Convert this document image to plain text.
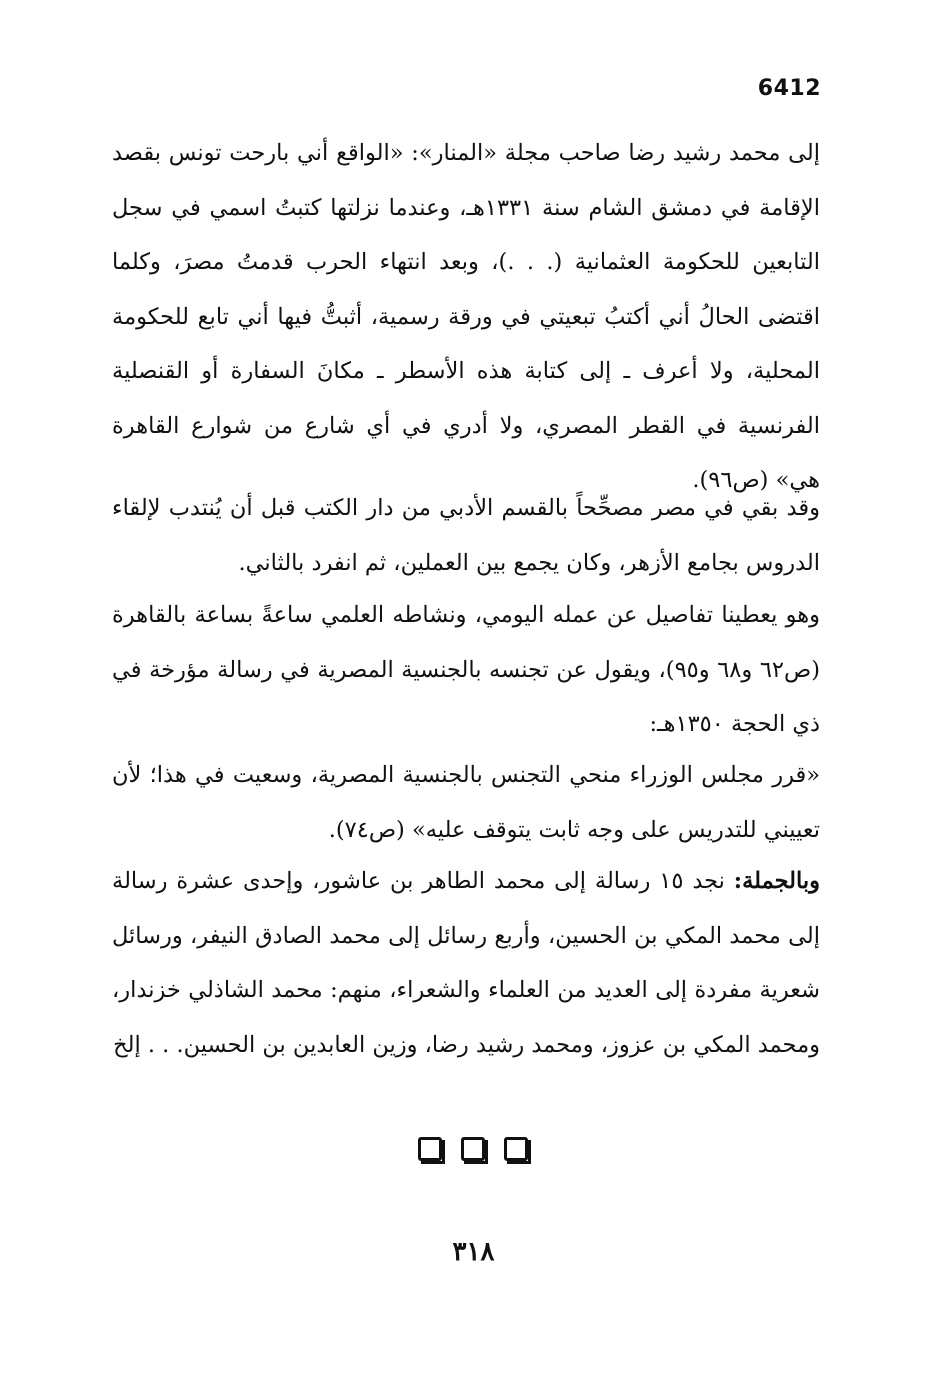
6412

إلى محمد رشيد رضا صاحب مجلة «المنار»: «الواقع أني بارحت تونس بقصد الإقامة في دمشق الشام سنة ١٣٣١هـ، وعندما نزلتها كتبتُ اسمي في سجل التابعين للحكومة العثمانية (. . .)، وبعد انتهاء الحرب قدمتُ مصرَ، وكلما اقتضى الحالُ أني أكتبُ تبعيتي في ورقة رسمية، أثبتُّ فيها أني تابع للحكومة المحلية، ولا أعرف ـ إلى كتابة هذه الأسطر ـ مكانَ السفارة أو القنصلية الفرنسية في القطر المصري، ولا أدري في أي شارع من شوارع القاهرة هي» (ص٩٦).

وقد بقي في مصر مصحِّحاً بالقسم الأدبي من دار الكتب قبل أن يُنتدب لإلقاء الدروس بجامع الأزهر، وكان يجمع بين العملين، ثم انفرد بالثاني.

وهو يعطينا تفاصيل عن عمله اليومي، ونشاطه العلمي ساعةً بساعة بالقاهرة (ص٦٢ و٦٨ و٩٥)، ويقول عن تجنسه بالجنسية المصرية في رسالة مؤرخة في ذي الحجة ١٣٥٠هـ:

«قرر مجلس الوزراء منحي التجنس بالجنسية المصرية، وسعيت في هذا؛ لأن تعييني للتدريس على وجه ثابت يتوقف عليه» (ص٧٤).

وبالجملة: نجد ١٥ رسالة إلى محمد الطاهر بن عاشور، وإحدى عشرة رسالة إلى محمد المكي بن الحسين، وأربع رسائل إلى محمد الصادق النيفر، ورسائل شعرية مفردة إلى العديد من العلماء والشعراء، منهم: محمد الشاذلي خزندار، ومحمد المكي بن عزوز، ومحمد رشيد رضا، وزين العابدين بن الحسين. . . إلخ

٣١٨
